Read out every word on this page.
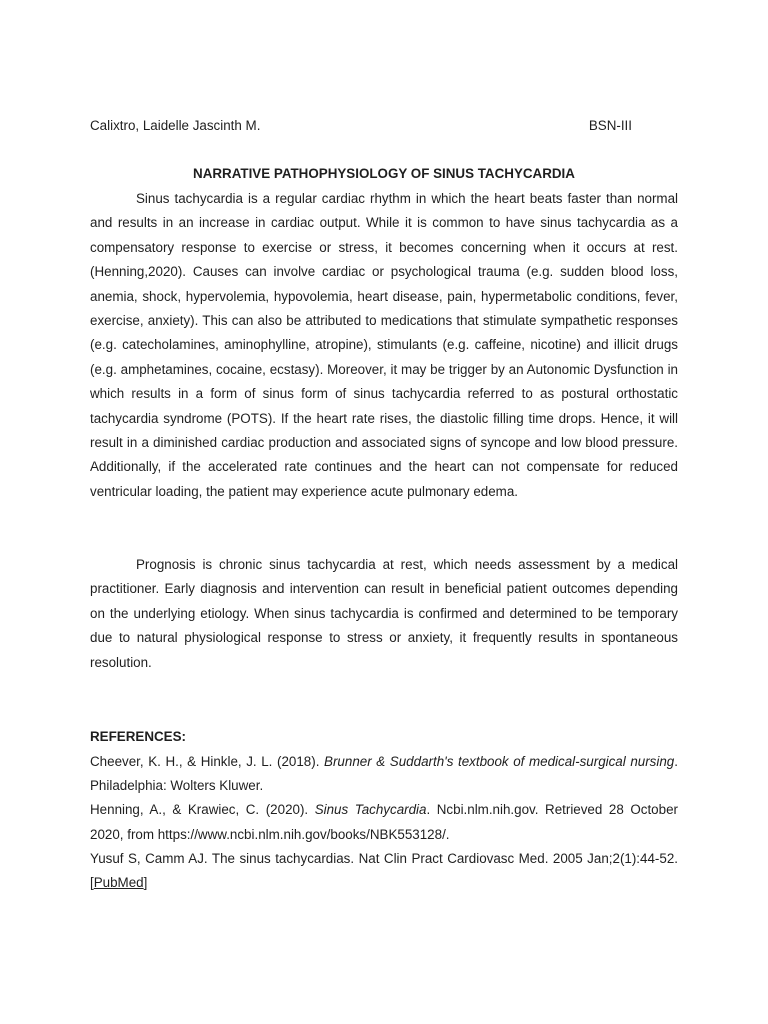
Calixtro, Laidelle Jascinth M.	BSN-III
NARRATIVE PATHOPHYSIOLOGY OF SINUS TACHYCARDIA

Sinus tachycardia is a regular cardiac rhythm in which the heart beats faster than normal and results in an increase in cardiac output. While it is common to have sinus tachycardia as a compensatory response to exercise or stress, it becomes concerning when it occurs at rest. (Henning,2020). Causes can involve cardiac or psychological trauma (e.g. sudden blood loss, anemia, shock, hypervolemia, hypovolemia, heart disease, pain, hypermetabolic conditions, fever, exercise, anxiety). This can also be attributed to medications that stimulate sympathetic responses (e.g. catecholamines, aminophylline, atropine), stimulants (e.g. caffeine, nicotine) and illicit drugs (e.g. amphetamines, cocaine, ecstasy). Moreover, it may be trigger by an Autonomic Dysfunction in which results in a form of sinus form of sinus tachycardia referred to as postural orthostatic tachycardia syndrome (POTS). If the heart rate rises, the diastolic filling time drops. Hence, it will result in a diminished cardiac production and associated signs of syncope and low blood pressure. Additionally, if the accelerated rate continues and the heart can not compensate for reduced ventricular loading, the patient may experience acute pulmonary edema.

Prognosis is chronic sinus tachycardia at rest, which needs assessment by a medical practitioner. Early diagnosis and intervention can result in beneficial patient outcomes depending on the underlying etiology. When sinus tachycardia is confirmed and determined to be temporary due to natural physiological response to stress or anxiety, it frequently results in spontaneous resolution.

REFERENCES:
Cheever, K. H., & Hinkle, J. L. (2018). Brunner & Suddarth's textbook of medical-surgical nursing. Philadelphia: Wolters Kluwer.
Henning, A., & Krawiec, C. (2020). Sinus Tachycardia. Ncbi.nlm.nih.gov. Retrieved 28 October 2020, from https://www.ncbi.nlm.nih.gov/books/NBK553128/.
Yusuf S, Camm AJ. The sinus tachycardias. Nat Clin Pract Cardiovasc Med. 2005 Jan;2(1):44-52. [PubMed]
